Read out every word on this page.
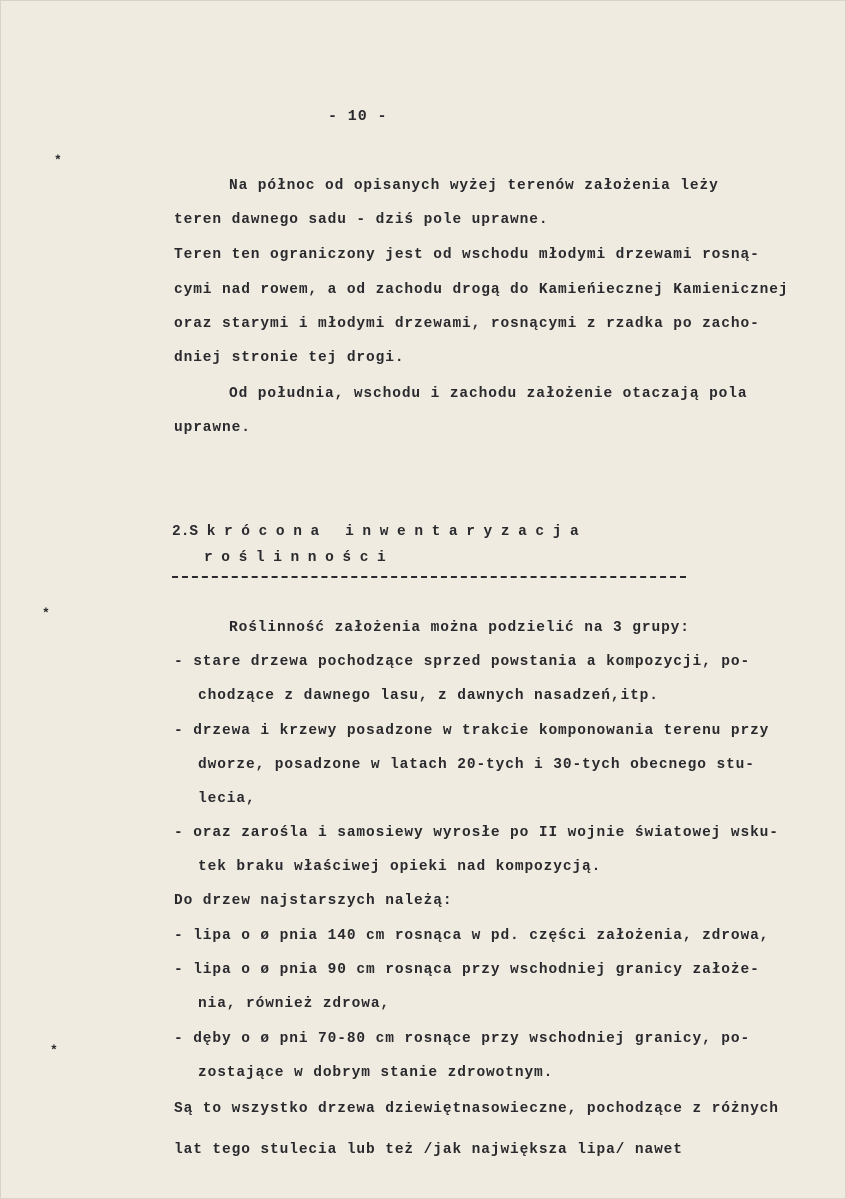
- 10 -
*
*
*
Na północ od opisanych wyżej terenów założenia leży
teren dawnego sadu - dziś pole uprawne.
Teren ten ograniczony jest od wschodu młodymi drzewami rosną-
cymi nad rowem, a od zachodu drogą do Kamieńiecznej Kamienicznej
oraz starymi i młodymi drzewami, rosnącymi z rzadka po zacho-
dniej stronie tej drogi.
Od południa, wschodu i zachodu założenie otaczają pola
uprawne.
2.Skrócona inwentaryzacja
roślinności
Roślinność założenia można podzielić na 3 grupy:
- stare drzewa pochodzące sprzed powstania a kompozycji, po-
chodzące z dawnego lasu, z dawnych nasadzeń,itp.
- drzewa i krzewy posadzone w trakcie komponowania terenu przy
dworze, posadzone w latach 20-tych i 30-tych obecnego stu-
lecia,
- oraz zarośla i samosiewy wyrosłe po II wojnie światowej wsku-
tek braku właściwej opieki nad kompozycją.
Do drzew najstarszych należą:
- lipa o ø pnia 140 cm rosnąca w pd. części założenia, zdrowa,
- lipa o ø pnia 90 cm rosnąca przy wschodniej granicy założe-
nia, również zdrowa,
- dęby o ø pni 70-80 cm rosnące przy wschodniej granicy, po-
zostające w dobrym stanie zdrowotnym.
Są to wszystko drzewa dziewiętnasowieczne, pochodzące z różnych
lat tego stulecia lub też /jak największa lipa/ nawet
